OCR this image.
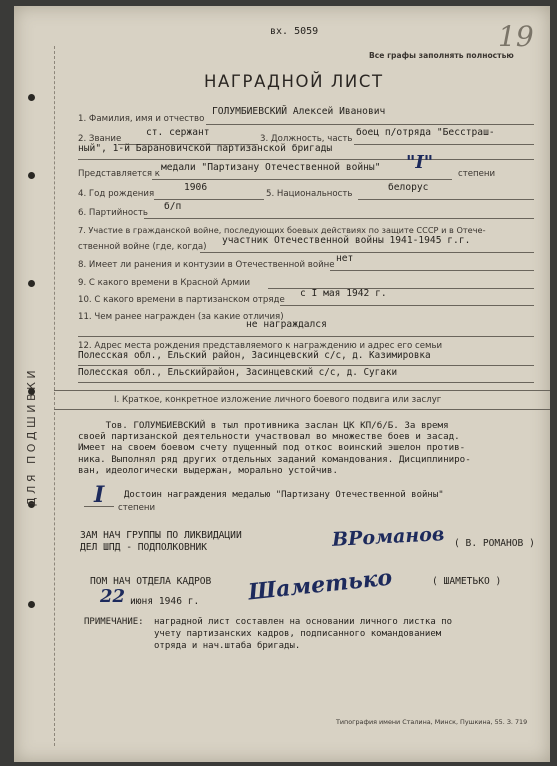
ДЛЯ ПОДШИВКИ
вх. 5059
Все графы заполнять полностью
19
НАГРАДНОЙ ЛИСТ
1. Фамилия, имя и отчество
ГОЛУМБИЕВСКИЙ Алексей Иванович
2. Звание
ст. сержант
3. Должность, часть
боец п/отряда "Бесстраш-
ный", 1-й Барановичской партизанской бригады
Представляется к
медали "Партизану Отечественной войны" "I"
степени
4. Год рождения
1906
5. Национальность
белорус
6. Партийность
б/п
7. Участие в гражданской войне, последующих боевых действиях по защите СССР и в Отече-
ственной войне (где, когда)
участник Отечественной войны 1941-1945 г.г.
8. Имеет ли ранения и контузии в Отечественной войне
нет
9. С какого времени в Красной Армии
10. С какого времени в партизанском отряде
с I мая 1942 г.
11. Чем ранее награжден (за какие отличия)
не награждался
12. Адрес места рождения представляемого к награждению и адрес его семьи
Полесская обл., Ельский район, Засинцевский с/с, д. Казимировка
Полесская обл., Ельскийрайон, Засинцевский с/с, д. Сугаки
I. Краткое, конкретное изложение личного боевого подвига или заслуг
Тов. ГОЛУМБИЕВСКИЙ в тыл противника заслан ЦК КП/б/Б. За время
своей партизанской деятельности участвовал во множестве боев и засад.
Имеет на своем боевом счету пущенный под откос воинский эшелон против-
ника. Выполнял ряд других отдельных заданий командования. Дисциплиниро-
ван, идеологически выдержан, морально устойчив.
I Достоин награждения медалью "Партизану Отечественной войны"
степени
ЗАМ НАЧ ГРУППЫ ПО ЛИКВИДАЦИИ
ДЕЛ ШПД - ПОДПОЛКОВНИК	ВРоманов ( В. РОМАНОВ )
ПОМ НАЧ ОТДЕЛА КАДРОВ Шаметько	( ШАМЕТЬКО )
22 июня 1946 г.
ПРИМЕЧАНИЕ: наградной лист составлен на основании личного листка по
учету партизанских кадров, подписанного командованием
отряда и нач.штаба бригады.
Типография имени Сталина, Минск, Пушкина, 55. З. 719
